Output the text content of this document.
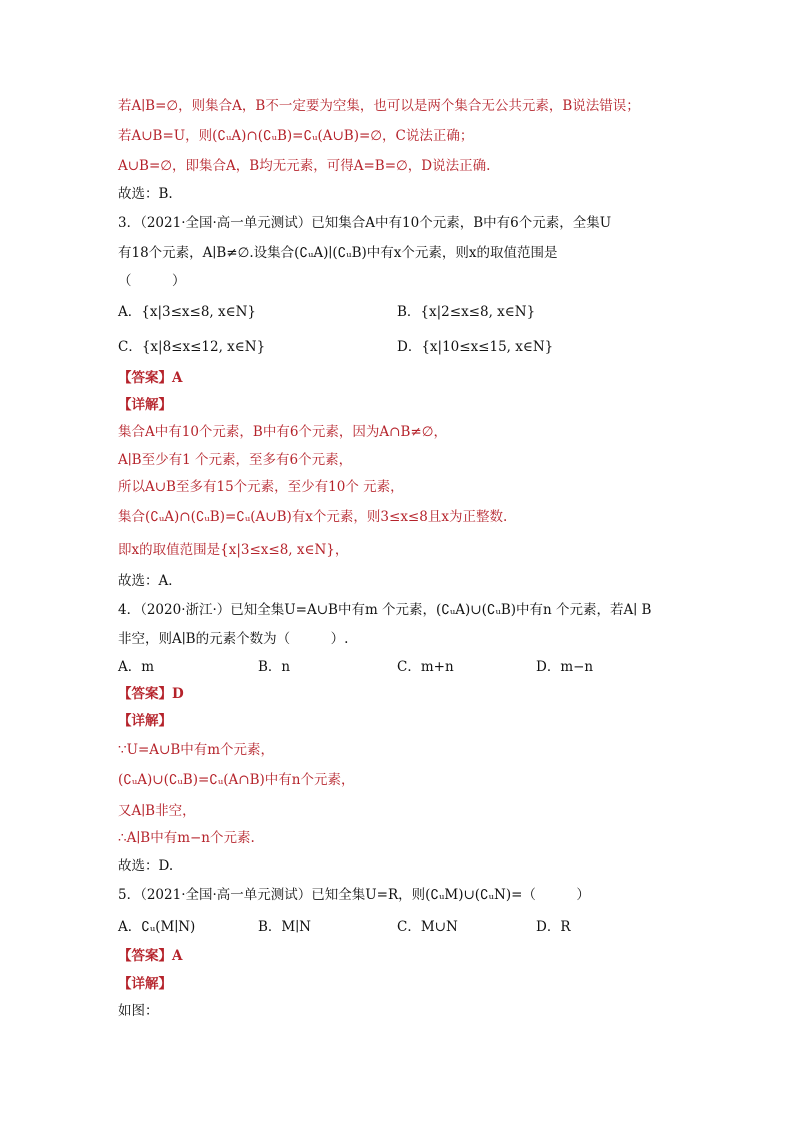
若A∣B=∅，则集合A，B不一定要为空集，也可以是两个集合无公共元素，B说法错误；
若A∪B=U，则(∁ᵤA)∩(∁ᵤB)=∁ᵤ(A∪B)=∅，C说法正确；
A∪B=∅，即集合A，B均无元素，可得A=B=∅，D说法正确.
故选：B.
3．（2021·全国·高一单元测试）已知集合A中有10个元素，B中有6个元素，全集U
有18个元素，A∣B≠∅.设集合(∁ᵤA)∣(∁ᵤB)中有x个元素，则x的取值范围是
（　　　）
A．{x|3≤x≤8, x∈N}	B．{x|2≤x≤8, x∈N}
C．{x|8≤x≤12, x∈N}	D．{x|10≤x≤15, x∈N}
【答案】A
【详解】
集合A中有10个元素，B中有6个元素，因为A∩B≠∅，
A∣B至少有1 个元素，至多有6个元素，
所以A∪B至多有15个元素，至少有10个 元素，
集合(∁ᵤA)∩(∁ᵤB)=∁ᵤ(A∪B)有x个元素，则3≤x≤8且x为正整数.
即x的取值范围是{x|3≤x≤8, x∈N}，
故选：A．
4．（2020·浙江·）已知全集U=A∪B中有m 个元素，(∁ᵤA)∪(∁ᵤB)中有n 个元素，若A∣ B
非空，则A∣B的元素个数为（　　　）.
A．m	B．n	C．m+n	D．m−n
【答案】D
【详解】
∵U=A∪B中有m个元素，
(∁ᵤA)∪(∁ᵤB)=∁ᵤ(A∩B)中有n个元素，
又A∣B非空，
∴A∣B中有m−n个元素.
故选：D.
5．（2021·全国·高一单元测试）已知全集U=R，则(∁ᵤM)∪(∁ᵤN)=（　　　）
A．∁ᵤ(M∣N)	B．M∣N	C．M∪N	D．R
【答案】A
【详解】
如图：
